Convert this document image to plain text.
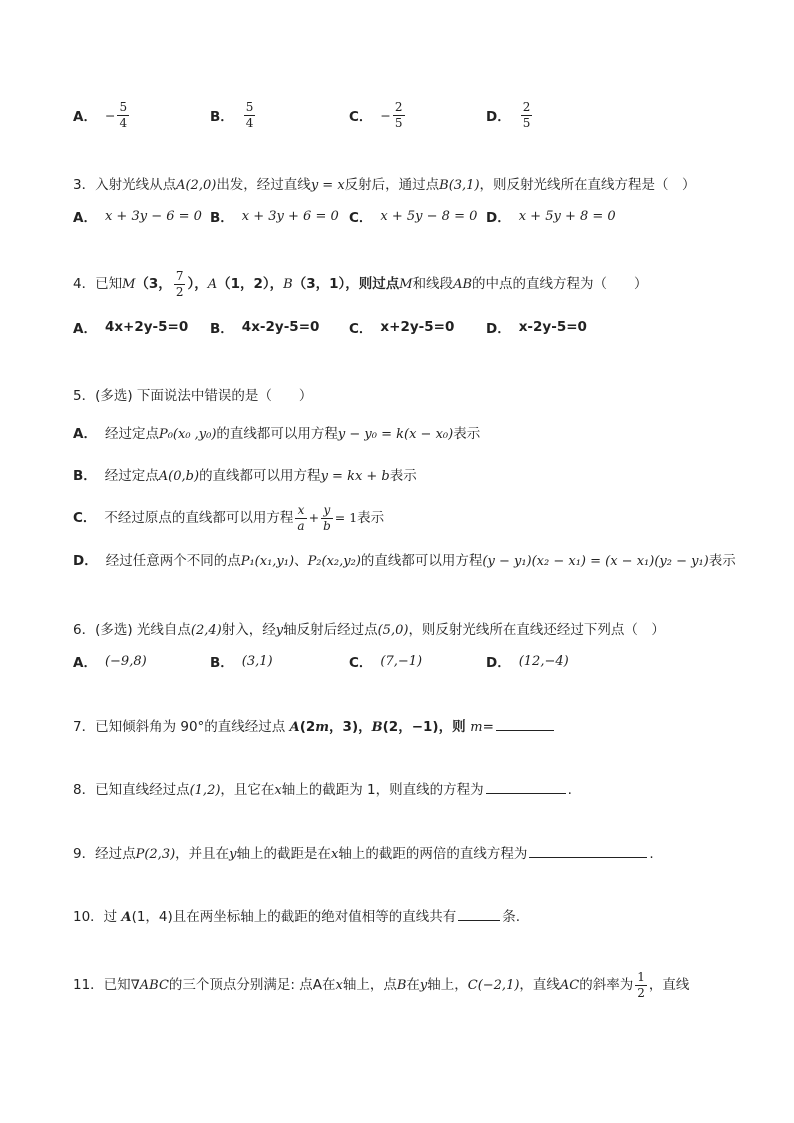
A． − $\frac{5}{4}$	B． $\frac{5}{4}$	C． − $\frac{2}{5}$	D． $\frac{2}{5}$
3．入射光线从点A(2,0)出发，经过直线y = x反射后，通过点B(3,1)，则反射光线所在直线方程是（　）
A． x + 3y − 6 = 0 B． x + 3y + 6 = 0 C． x + 5y − 8 = 0 D． x + 5y + 8 = 0
4．已知M（3， $\frac{7}{2}$ ），A（1，2），B（3，1），则过点M和线段AB的中点的直线方程为（　　）
A． 4x+2y-5=0 B． 4x-2y-5=0 C． x+2y-5=0 D． x-2y-5=0
5．(多选) 下面说法中错误的是（　　）
A． 经过定点P₀(x₀ ,y₀)的直线都可以用方程y − y₀ = k(x − x₀)表示
B． 经过定点A(0,b)的直线都可以用方程y = kx + b表示
C． 不经过原点的直线都可以用方程 $\frac{x}{a} + \frac{y}{b} = 1$表示
D． 经过任意两个不同的点P₁(x₁,y₁)、P₂(x₂,y₂)的直线都可以用方程(y − y₁)(x₂ − x₁) = (x − x₁)(y₂ − y₁)表示
6．(多选) 光线自点(2,4)射入，经y轴反射后经过点(5,0)，则反射光线所在直线还经过下列点（　）
A． (−9,8)	B． (3,1)	C． (7,−1)	D． (12,−4)
7．已知倾斜角为 90°的直线经过点 A(2m，3)，B(2，−1)，则 m=
8．已知直线经过点(1,2)，且它在x轴上的截距为 1，则直线的方程为	.
9．经过点P(2,3)，并且在y轴上的截距是在x轴上的截距的两倍的直线方程为	.
10．过 A(1，4)且在两坐标轴上的截距的绝对值相等的直线共有	条.
11．已知∇ABC的三个顶点分别满足: 点A在x轴上，点B在y轴上，C(−2,1)，直线AC的斜率为 $\frac{1}{2}$ ，直线
